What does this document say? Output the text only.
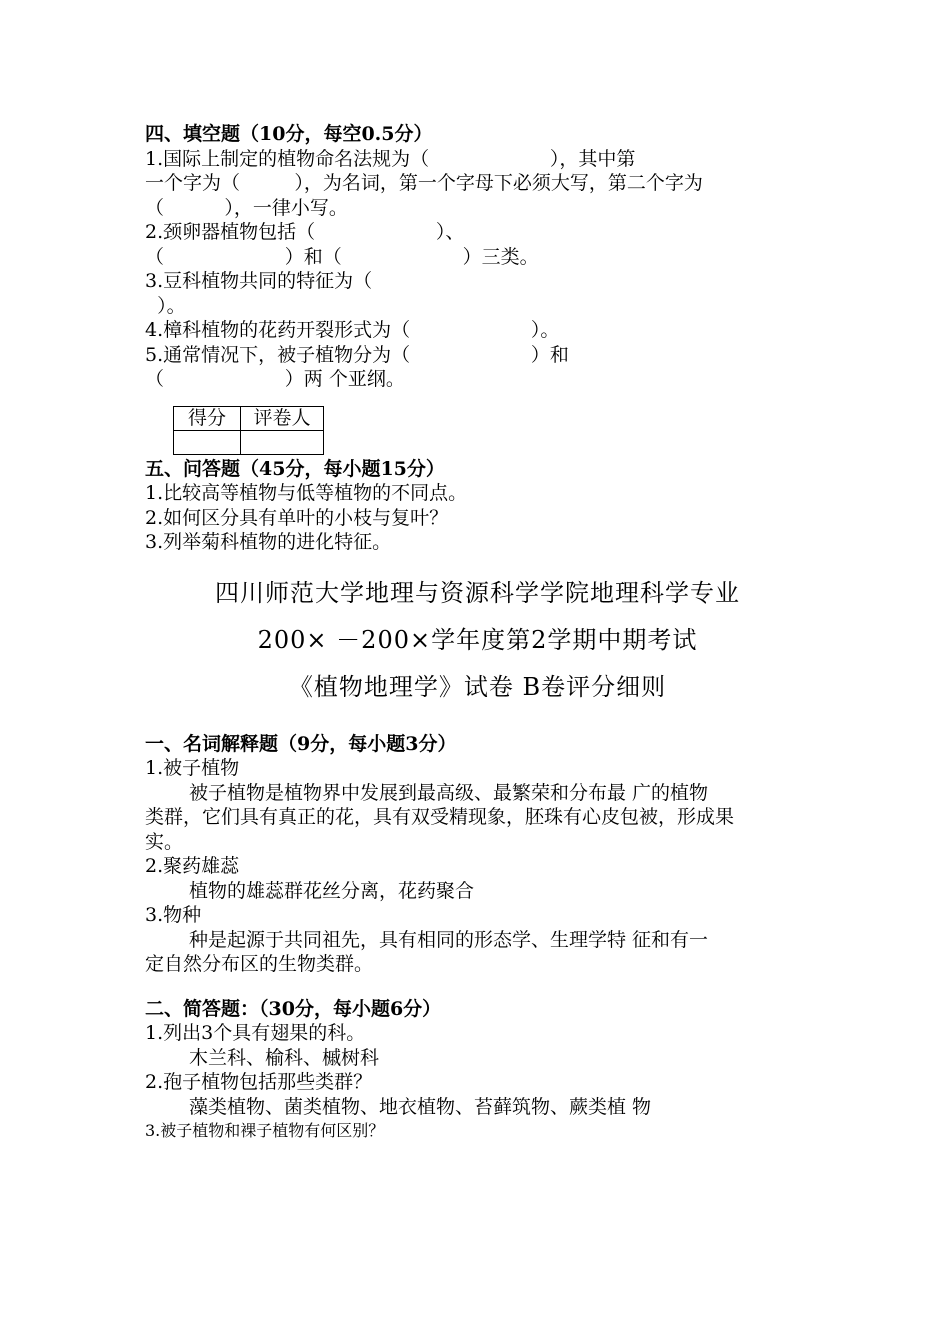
四、填空题（10分，每空0.5分）
1.国际上制定的植物命名法规为（                    ），其中第
一个字为（         ），为名词，第一个字母下必须大写，第二个字为
（          ），一律小写。
2.颈卵器植物包括（                    ）、
（                    ）和（                    ）三类。
3.豆科植物共同的特征为（
）。
4.樟科植物的花药开裂形式为（                    ）。
5.通常情况下，被子植物分为（                    ）和
（                    ）两 个亚纲。
得分	评卷人

五、问答题（45分，每小题15分）
1.比较高等植物与低等植物的不同点。
2.如何区分具有单叶的小枝与复叶？
3.列举菊科植物的进化特征。
四川师范大学地理与资源科学学院地理科学专业
200× －200×学年度第2学期中期考试
《植物地理学》试卷 B卷评分细则
一、名词解释题（9分，每小题3分）
1.被子植物
被子植物是植物界中发展到最高级、最繁荣和分布最 广的植物
类群，它们具有真正的花，具有双受精现象，胚珠有心皮包被，形成果
实。
2.聚药雄蕊
植物的雄蕊群花丝分离，花药聚合
3.物种
种是起源于共同祖先，具有相同的形态学、生理学特 征和有一
定自然分布区的生物类群。
二、简答题：（30分，每小题6分）
1.列出3个具有翅果的科。
木兰科、榆科、槭树科
2.孢子植物包括那些类群？
藻类植物、菌类植物、地衣植物、苔藓筑物、蕨类植 物
3.被子植物和裸子植物有何区别？
